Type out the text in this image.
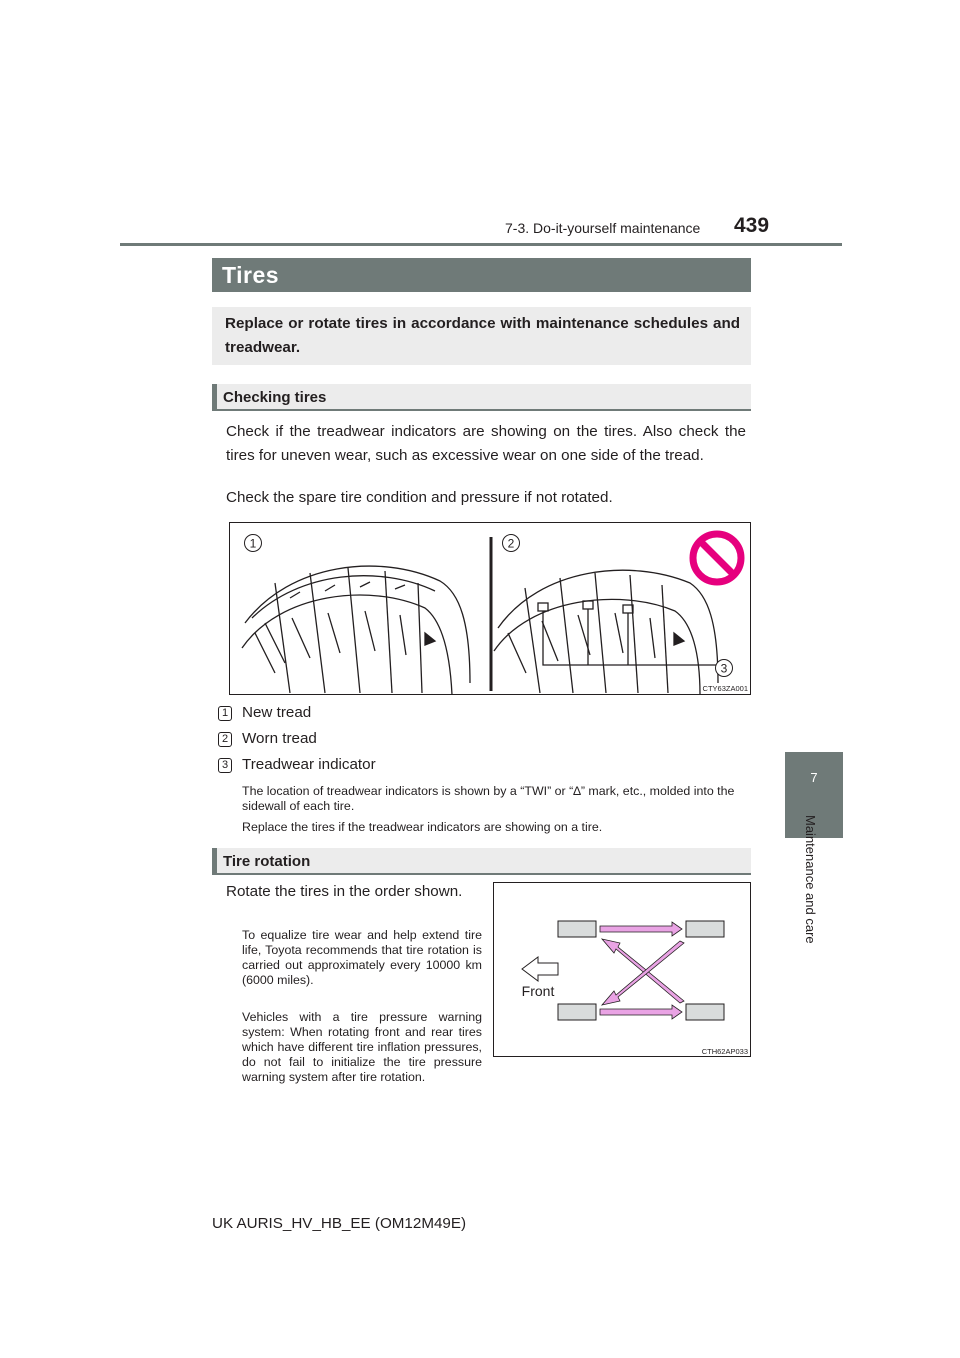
7-3. Do-it-yourself maintenance 439
7
Maintenance and care
Tires
Replace or rotate tires in accordance with maintenance schedules and treadwear.
Checking tires
Check if the treadwear indicators are showing on the tires. Also check the tires for uneven wear, such as excessive wear on one side of the tread.
Check the spare tire condition and pressure if not rotated.
1	2
3
CTY63ZA001
1 New tread
2 Worn tread
3 Treadwear indicator
The location of treadwear indicators is shown by a “TWI” or “∆” mark, etc., molded into the sidewall of each tire.
Replace the tires if the treadwear indicators are showing on a tire.
Tire rotation
Rotate the tires in the order shown.
To equalize tire wear and help extend tire life, Toyota recommends that tire rotation is carried out approximately every 10000 km (6000 miles).
Vehicles with a tire pressure warning system: When rotating front and rear tires which have different tire inflation pressures, do not fail to initialize the tire pressure warning system after tire rotation.
Front
CTH62AP033
UK AURIS_HV_HB_EE (OM12M49E)
